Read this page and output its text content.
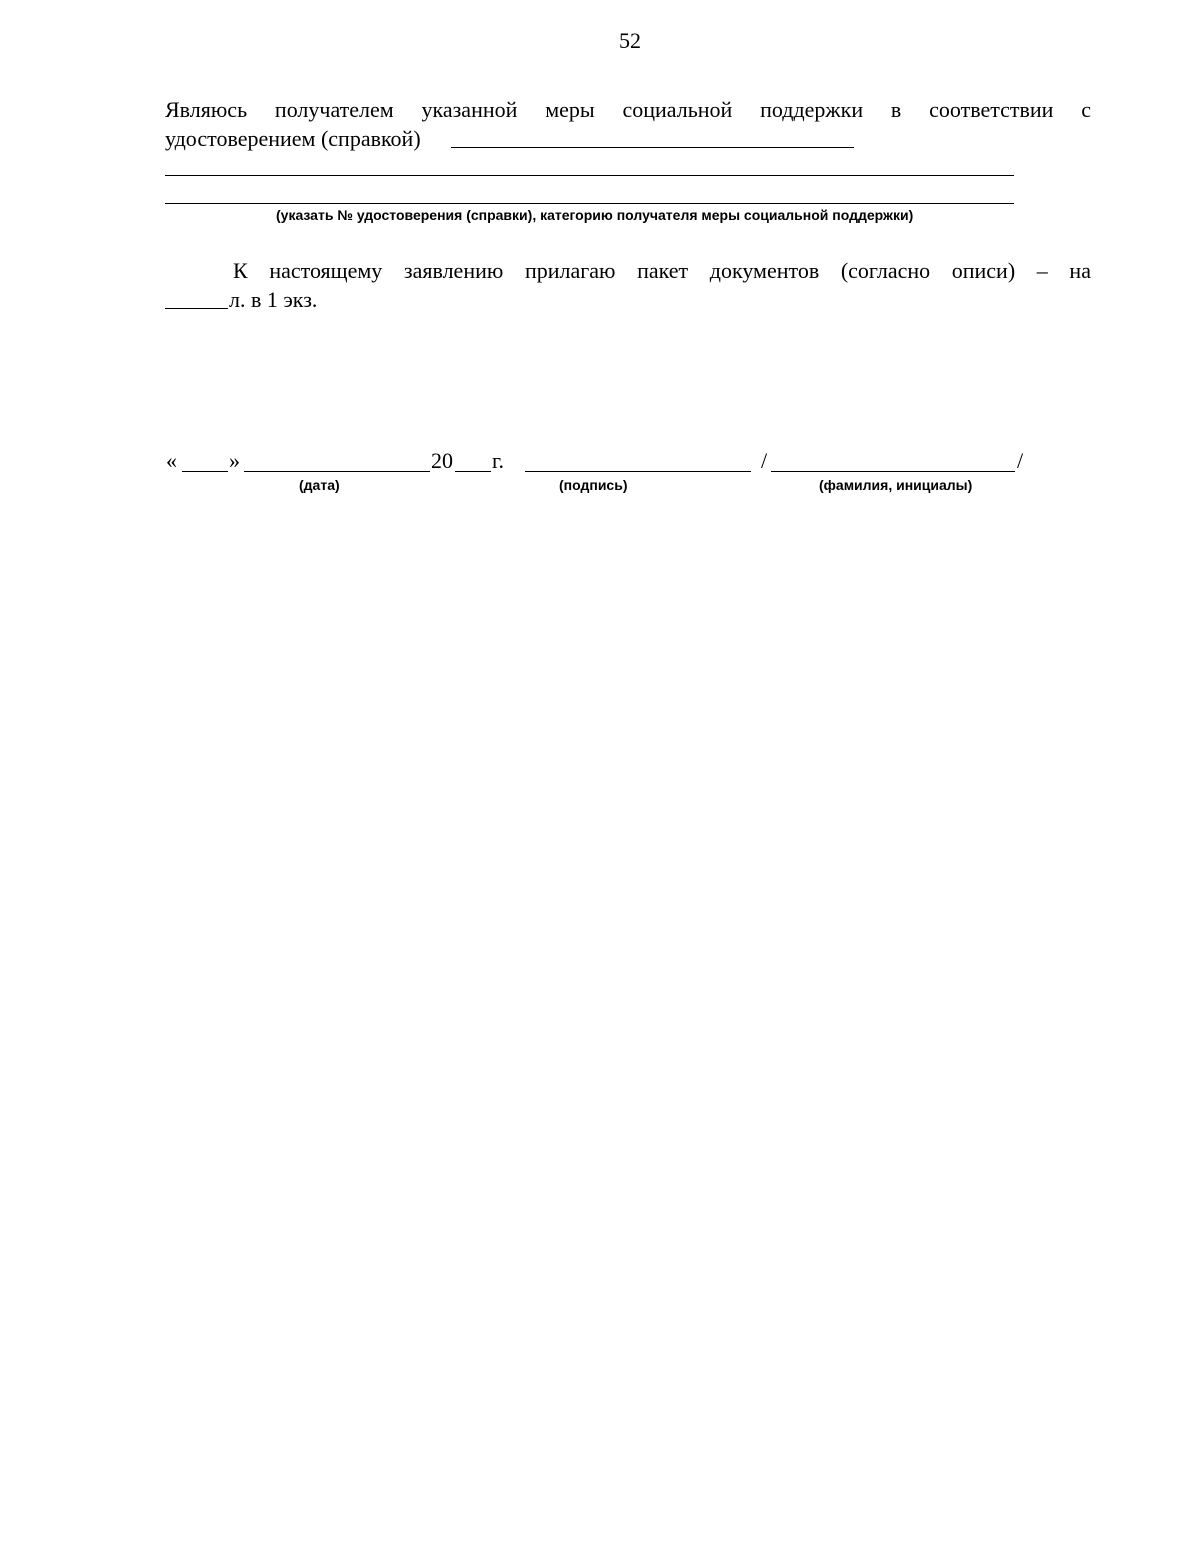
52
Являюсь получателем указанной меры социальной поддержки в соответствии с
удостоверением (справкой)
(указать № удостоверения (справки), категорию получателя меры социальной поддержки)
К настоящему заявлению прилагаю пакет документов (согласно описи) – на
л. в 1 экз.
« »	20 г.	/	/
(дата)	(подпись)	(фамилия, инициалы)
